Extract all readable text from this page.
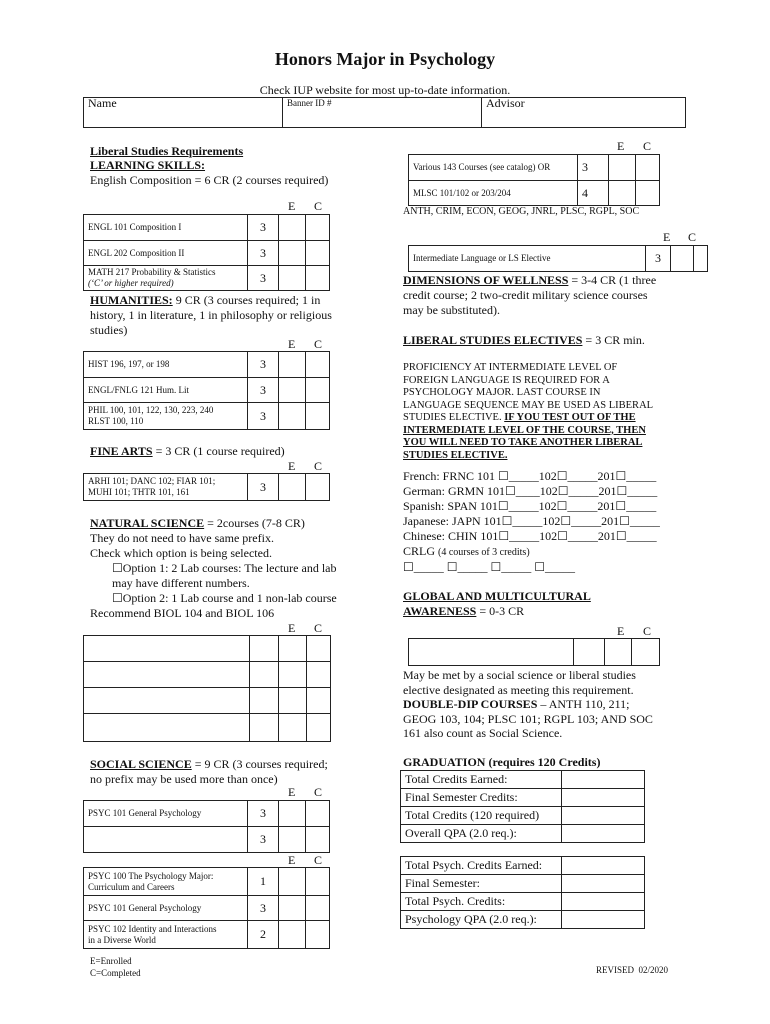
Honors Major in Psychology
Check IUP website for most up-to-date information.
Name	Banner ID #	Advisor
Liberal Studies Requirements
LEARNING SKILLS:
English Composition = 6 CR (2 courses required)
E C
ENGL 101 Composition I	3		
ENGL 202 Composition II	3		
MATH 217 Probability & Statistics
(‘C’ or higher required)	3		
HUMANITIES: 9 CR (3 courses required; 1 in
history, 1 in literature, 1 in philosophy or religious
studies)
E C
HIST 196, 197, or 198	3		
ENGL/FNLG 121 Hum. Lit	3		
PHIL 100, 101, 122, 130, 223, 240
RLST 100, 110	3		
FINE ARTS = 3 CR (1 course required)
E C
ARHI 101; DANC 102; FIAR 101;
MUHI 101; THTR 101, 161	3		
NATURAL SCIENCE = 2courses (7-8 CR)
They do not need to have same prefix.
Check which option is being selected.
☐Option 1: 2 Lab courses: The lecture and lab
may have different numbers.
☐Option 2: 1 Lab course and 1 non-lab course
Recommend BIOL 104 and BIOL 106
E C

SOCIAL SCIENCE = 9 CR (3 courses required;
no prefix may be used more than once)
E C
PSYC 101 General Psychology	3		
	3		
E C
PSYC 100 The Psychology Major:
Curriculum and Careers	1		
PSYC 101 General Psychology	3		
PSYC 102 Identity and Interactions
in a Diverse World	2		
E=Enrolled
C=Completed
E C
Various 143 Courses (see catalog) OR	3		
MLSC 101/102 or 203/204	4		
ANTH, CRIM, ECON, GEOG, JNRL, PLSC, RGPL, SOC
E C
Intermediate Language or LS Elective	3		
DIMENSIONS OF WELLNESS = 3-4 CR (1 three
credit course; 2 two-credit military science courses
may be substituted).
LIBERAL STUDIES ELECTIVES = 3 CR min.
PROFICIENCY AT INTERMEDIATE LEVEL OF
FOREIGN LANGUAGE IS REQUIRED FOR A
PSYCHOLOGY MAJOR. LAST COURSE IN
LANGUAGE SEQUENCE MAY BE USED AS LIBERAL
STUDIES ELECTIVE. IF YOU TEST OUT OF THE
INTERMEDIATE LEVEL OF THE COURSE, THEN
YOU WILL NEED TO TAKE ANOTHER LIBERAL
STUDIES ELECTIVE.
French: FRNC 101 ☐_____102☐_____201☐_____
German: GRMN 101☐____102☐_____201☐_____
Spanish: SPAN 101☐_____102☐_____201☐_____
Japanese: JAPN 101☐_____102☐_____201☐_____
Chinese: CHIN 101☐_____102☐_____201☐_____
CRLG (4 courses of 3 credits)
☐_____ ☐_____ ☐_____ ☐_____
GLOBAL AND MULTICULTURAL
AWARENESS = 0-3 CR
E C

May be met by a social science or liberal studies
elective designated as meeting this requirement.
DOUBLE-DIP COURSES – ANTH 110, 211;
GEOG 103, 104; PLSC 101; RGPL 103; AND SOC
161 also count as Social Science.
GRADUATION (requires 120 Credits)
Total Credits Earned:	
Final Semester Credits:	
Total Credits (120 required)	
Overall QPA (2.0 req.):	
Total Psych. Credits Earned:	
Final Semester:	
Total Psych. Credits:	
Psychology QPA (2.0 req.):	
REVISED  02/2020
